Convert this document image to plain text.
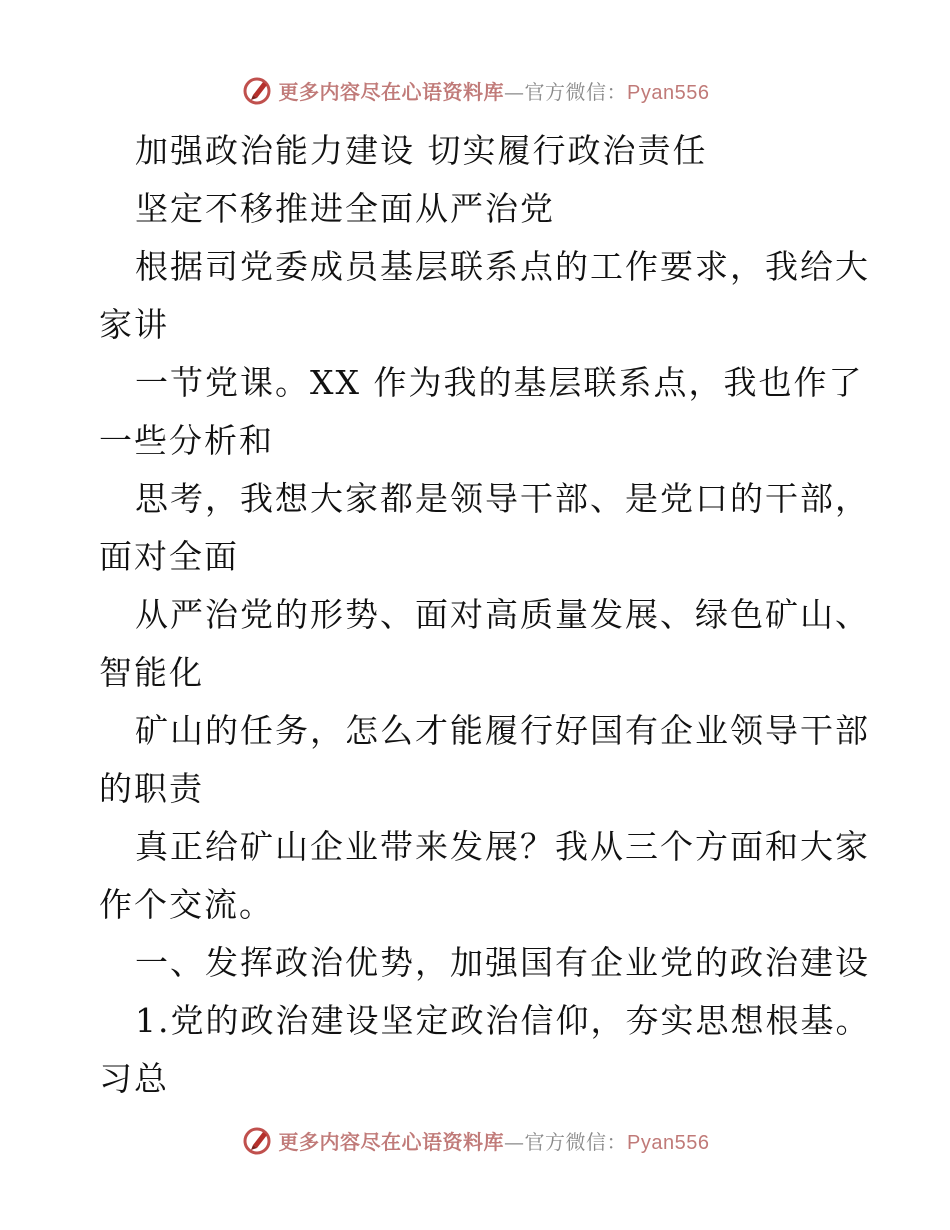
更多内容尽在心语资料库 — 官方微信： Pyan556

加强政治能力建设 切实履行政治责任

坚定不移推进全面从严治党

根据司党委成员基层联系点的工作要求，我给大

家讲

一节党课。XX 作为我的基层联系点，我也作了

一些分析和

思考，我想大家都是领导干部、是党口的干部，

面对全面

从严治党的形势、面对高质量发展、绿色矿山、

智能化

矿山的任务，怎么才能履行好国有企业领导干部

的职责

真正给矿山企业带来发展？我从三个方面和大家

作个交流。

一、发挥政治优势，加强国有企业党的政治建设

1.党的政治建设坚定政治信仰，夯实思想根基。

习总

更多内容尽在心语资料库 — 官方微信： Pyan556
